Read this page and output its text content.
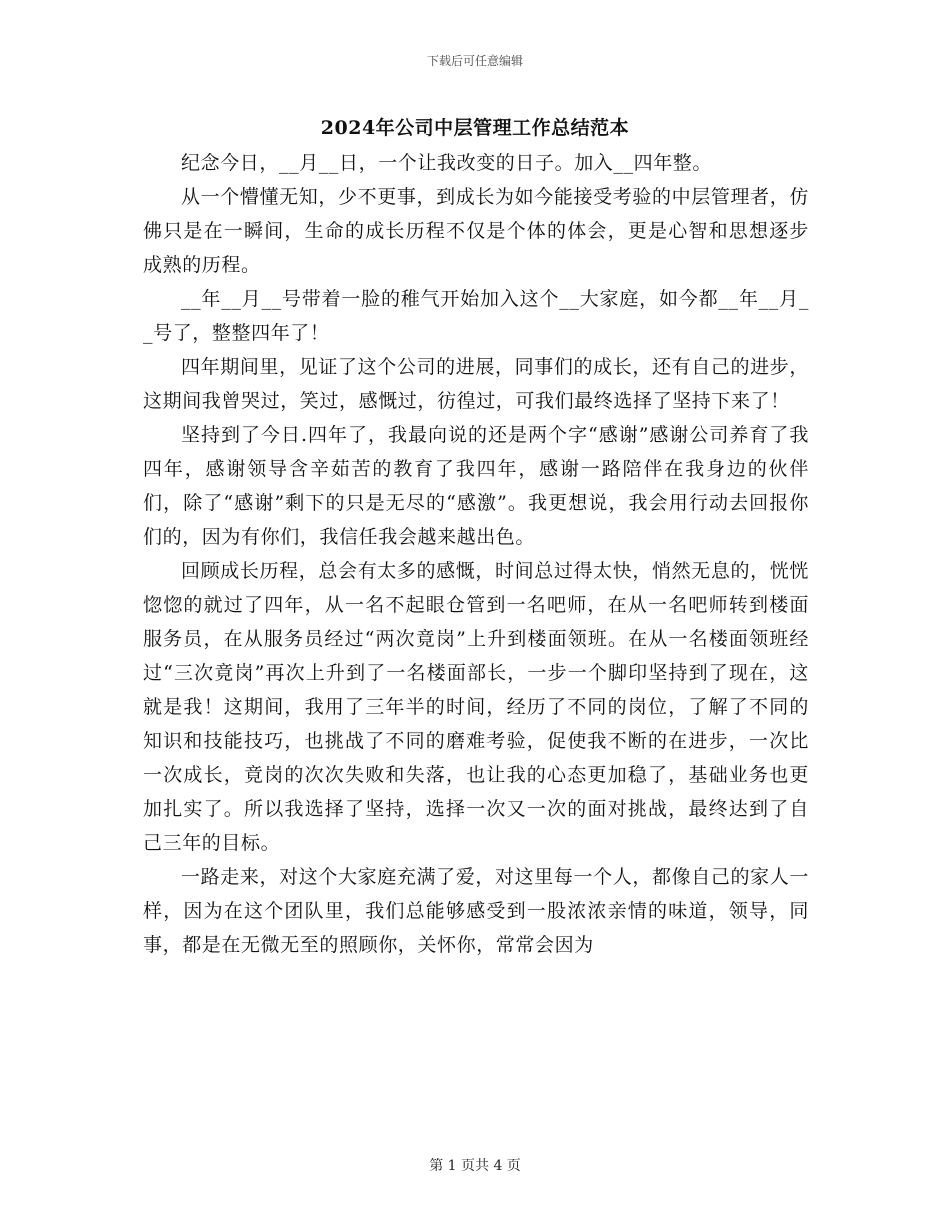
下载后可任意编辑
2024年公司中层管理工作总结范本

纪念今日，__月__日，一个让我改变的日子。加入__四年整。

从一个懵懂无知，少不更事，到成长为如今能接受考验的中层管理者，仿佛只是在一瞬间，生命的成长历程不仅是个体的体会，更是心智和思想逐步成熟的历程。

__年__月__号带着一脸的稚气开始加入这个__大家庭，如今都__年__月__号了，整整四年了！

四年期间里，见证了这个公司的进展，同事们的成长，还有自己的进步，这期间我曾哭过，笑过，感慨过，彷徨过，可我们最终选择了坚持下来了！

坚持到了今日.四年了，我最向说的还是两个字“感谢”感谢公司养育了我四年，感谢领导含辛茹苦的教育了我四年，感谢一路陪伴在我身边的伙伴们，除了“感谢”剩下的只是无尽的“感激”。我更想说，我会用行动去回报你们的，因为有你们，我信任我会越来越出色。

回顾成长历程，总会有太多的感慨，时间总过得太快，悄然无息的，恍恍惚惚的就过了四年，从一名不起眼仓管到一名吧师，在从一名吧师转到楼面服务员，在从服务员经过“两次竟岗”上升到楼面领班。在从一名楼面领班经过“三次竟岗”再次上升到了一名楼面部长，一步一个脚印坚持到了现在，这就是我！这期间，我用了三年半的时间，经历了不同的岗位，了解了不同的知识和技能技巧，也挑战了不同的磨难考验，促使我不断的在进步，一次比一次成长，竟岗的次次失败和失落，也让我的心态更加稳了，基础业务也更加扎实了。所以我选择了坚持，选择一次又一次的面对挑战，最终达到了自己三年的目标。

一路走来，对这个大家庭充满了爱，对这里每一个人，都像自己的家人一样，因为在这个团队里，我们总能够感受到一股浓浓亲情的味道，领导，同事，都是在无微无至的照顾你，关怀你，常常会因为

第 1 页共 4 页
